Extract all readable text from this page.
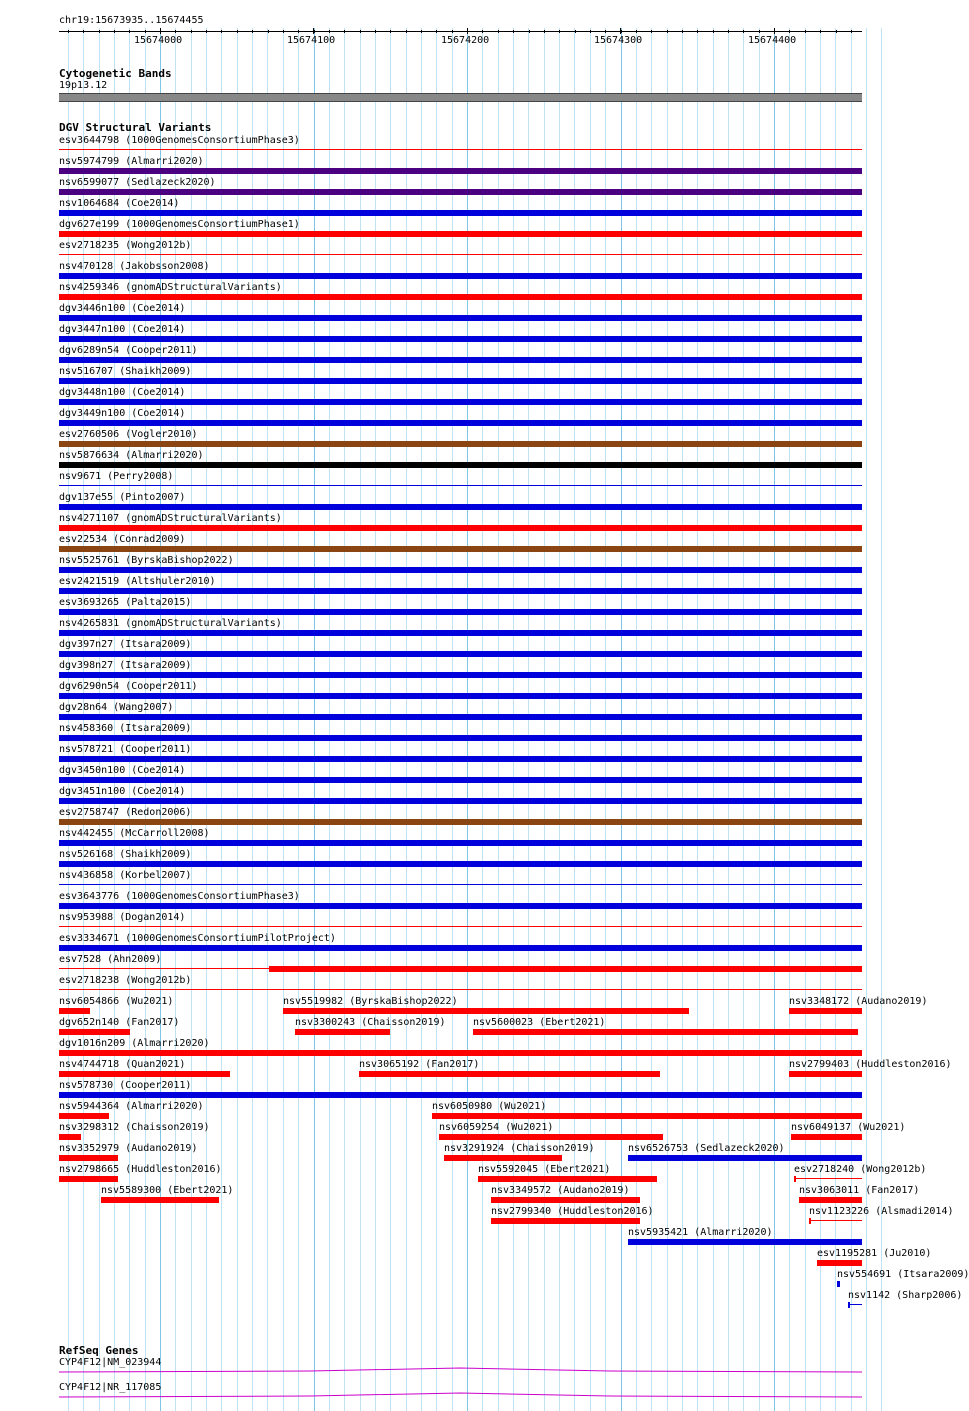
chr19:15673935..15674455
15674000	15674100	15674200	15674300	15674400
Cytogenetic Bands
19p13.12
DGV Structural Variants
esv3644798 (1000GenomesConsortiumPhase3)
nsv5974799 (Almarri2020)
nsv6599077 (Sedlazeck2020)
nsv1064684 (Coe2014)
dgv627e199 (1000GenomesConsortiumPhase1)
esv2718235 (Wong2012b)
nsv470128 (Jakobsson2008)
nsv4259346 (gnomADStructuralVariants)
dgv3446n100 (Coe2014)
dgv3447n100 (Coe2014)
dgv6289n54 (Cooper2011)
nsv516707 (Shaikh2009)
dgv3448n100 (Coe2014)
dgv3449n100 (Coe2014)
esv2760506 (Vogler2010)
nsv5876634 (Almarri2020)
nsv9671 (Perry2008)
dgv137e55 (Pinto2007)
nsv4271107 (gnomADStructuralVariants)
esv22534 (Conrad2009)
nsv5525761 (ByrskaBishop2022)
esv2421519 (Altshuler2010)
esv3693265 (Palta2015)
nsv4265831 (gnomADStructuralVariants)
dgv397n27 (Itsara2009)
dgv398n27 (Itsara2009)
dgv6290n54 (Cooper2011)
dgv28n64 (Wang2007)
nsv458360 (Itsara2009)
nsv578721 (Cooper2011)
dgv3450n100 (Coe2014)
dgv3451n100 (Coe2014)
esv2758747 (Redon2006)
nsv442455 (McCarroll2008)
nsv526168 (Shaikh2009)
nsv436858 (Korbel2007)
esv3643776 (1000GenomesConsortiumPhase3)
nsv953988 (Dogan2014)
esv3334671 (1000GenomesConsortiumPilotProject)
esv7528 (Ahn2009)
esv2718238 (Wong2012b)
nsv6054866 (Wu2021)	nsv5519982 (ByrskaBishop2022)	nsv3348172 (Audano2019)
dgv652n140 (Fan2017)	nsv3300243 (Chaisson2019)	nsv5600023 (Ebert2021)
dgv1016n209 (Almarri2020)
nsv4744718 (Quan2021)	nsv3065192 (Fan2017)	nsv2799403 (Huddleston2016)
nsv578730 (Cooper2011)
nsv5944364 (Almarri2020)	nsv6050980 (Wu2021)
nsv3298312 (Chaisson2019)	nsv6059254 (Wu2021)	nsv6049137 (Wu2021)
nsv3352979 (Audano2019)	nsv3291924 (Chaisson2019)	nsv6526753 (Sedlazeck2020)
nsv2798665 (Huddleston2016)	nsv5592045 (Ebert2021)	esv2718240 (Wong2012b)
nsv5589300 (Ebert2021)	nsv3349572 (Audano2019)	nsv3063011 (Fan2017)
nsv2799340 (Huddleston2016)	nsv1123226 (Alsmadi2014)
nsv5935421 (Almarri2020)
esv1195281 (Ju2010)
nsv554691 (Itsara2009)
nsv1142 (Sharp2006)
RefSeq Genes
CYP4F12|NM_023944
CYP4F12|NR_117085
